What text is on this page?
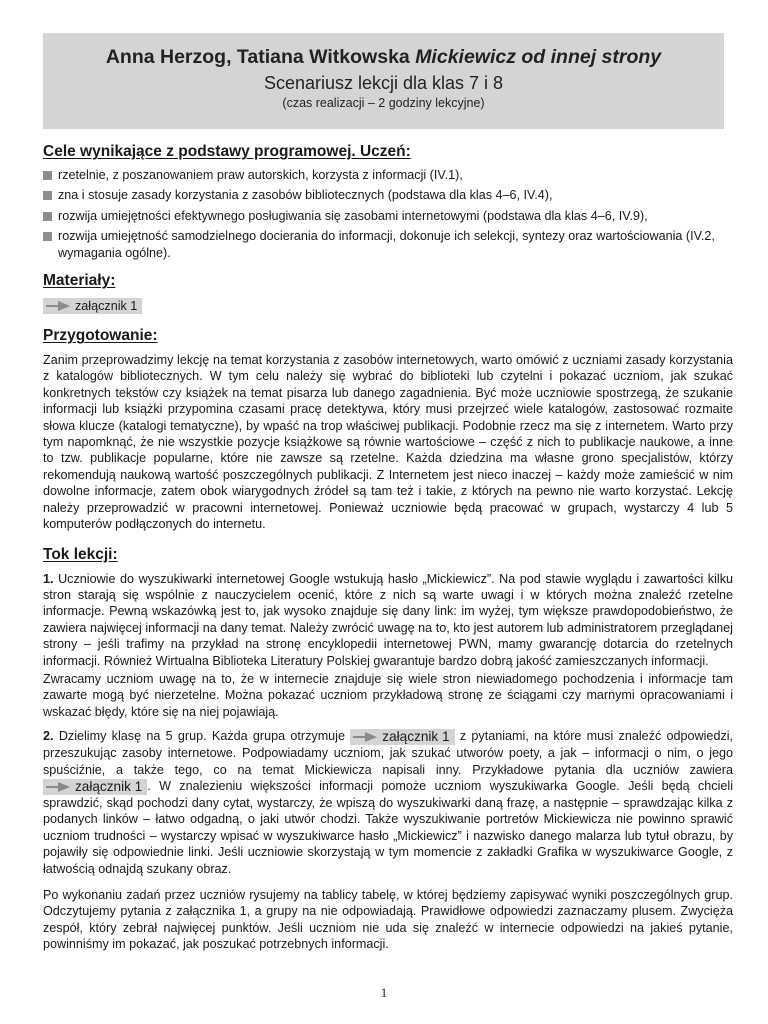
Anna Herzog, Tatiana Witkowska Mickiewicz od innej strony
Scenariusz lekcji dla klas 7 i 8
(czas realizacji – 2 godziny lekcyjne)
Cele wynikające z podstawy programowej. Uczeń:
rzetelnie, z poszanowaniem praw autorskich, korzysta z informacji (IV.1),
zna i stosuje zasady korzystania z zasobów bibliotecznych (podstawa dla klas 4–6, IV.4),
rozwija umiejętności efektywnego posługiwania się zasobami internetowymi (podstawa dla klas 4–6, IV.9),
rozwija umiejętność samodzielnego docierania do informacji, dokonuje ich selekcji, syntezy oraz wartościowania (IV.2, wymagania ogólne).
Materiały:
załącznik 1
Przygotowanie:

Zanim przeprowadzimy lekcję na temat korzystania z zasobów internetowych, warto omówić z uczniami zasady korzystania z katalogów bibliotecznych. W tym celu należy się wybrać do biblioteki lub czytelni i pokazać uczniom, jak szukać konkretnych tekstów czy książek na temat pisarza lub danego zagadnienia. Być może uczniowie spostrzegą, że szukanie informacji lub książki przypomina czasami pracę detektywa, który musi przejrzeć wiele katalogów, zastosować rozmaite słowa klucze (katalogi tematyczne), by wpaść na trop właściwej publikacji. Podobnie rzecz ma się z internetem. Warto przy tym napomknąć, że nie wszystkie pozycje książkowe są równie wartościowe – część z nich to publikacje naukowe, a inne to tzw. publikacje popularne, które nie zawsze są rzetelne. Każda dziedzina ma własne grono specjalistów, którzy rekomendują naukową wartość poszczególnych publikacji. Z Internetem jest nieco inaczej – każdy może zamieścić w nim dowolne informacje, zatem obok wiarygodnych źródeł są tam też i takie, z których na pewno nie warto korzystać. Lekcję należy przeprowadzić w pracowni internetowej. Ponieważ uczniowie będą pracować w grupach, wystarczy 4 lub 5 komputerów podłączonych do internetu.

Tok lekcji:

1. Uczniowie do wyszukiwarki internetowej Google wstukują hasło „Mickiewicz”. Na pod stawie wyglądu i zawartości kilku stron starają się wspólnie z nauczycielem ocenić, które z nich są warte uwagi i w których można znaleźć rzetelne informacje. Pewną wskazówką jest to, jak wysoko znajduje się dany link: im wyżej, tym większe prawdopodobieństwo, że zawiera najwięcej informacji na dany temat. Należy zwrócić uwagę na to, kto jest autorem lub administratorem przeglądanej strony – jeśli trafimy na przykład na stronę encyklopedii internetowej PWN, mamy gwarancję dotarcia do rzetelnych informacji. Również Wirtualna Biblioteka Literatury Polskiej gwarantuje bardzo dobrą jakość zamieszczanych informacji.

Zwracamy uczniom uwagę na to, że w internecie znajduje się wiele stron niewiadomego pochodzenia i informacje tam zawarte mogą być nierzetelne. Można pokazać uczniom przykładową stronę ze ściągami czy marnymi opracowaniami i wskazać błędy, które się na niej pojawiają.

2. Dzielimy klasę na 5 grup. Każda grupa otrzymuje	załącznik 1 z pytaniami, na które musi znaleźć odpowiedzi, przeszukując zasoby internetowe. Podpowiadamy uczniom, jak szukać utworów poety, a jak – informacji o nim, o jego spuściźnie, a także tego, co na temat Mickiewicza napisali inny. Przykładowe pytania dla uczniów zawiera
załącznik 1 . W znalezieniu większości informacji pomoże uczniom wyszukiwarka Google. Jeśli będą chcieli sprawdzić, skąd pochodzi dany cytat, wystarczy, że wpiszą do wyszukiwarki daną frazę, a następnie – sprawdzając kilka z podanych linków – łatwo odgadną, o jaki utwór chodzi. Także wyszukiwanie portretów Mickiewicza nie powinno sprawić uczniom trudności – wystarczy wpisać w wyszukiwarce hasło „Mickiewicz” i nazwisko danego malarza lub tytuł obrazu, by pojawiły się odpowiednie linki. Jeśli uczniowie skorzystają w tym momencie z zakładki Grafika w wyszukiwarce Google, z łatwością odnajdą szukany obraz.

Po wykonaniu zadań przez uczniów rysujemy na tablicy tabelę, w której będziemy zapisywać wyniki poszczególnych grup. Odczytujemy pytania z załącznika 1, a grupy na nie odpowiadają. Prawidłowe odpowiedzi zaznaczamy plusem. Zwycięża zespół, który zebrał najwięcej punktów. Jeśli uczniom nie uda się znaleźć w internecie odpowiedzi na jakieś pytanie, powinniśmy im pokazać, jak poszukać potrzebnych informacji.

1
